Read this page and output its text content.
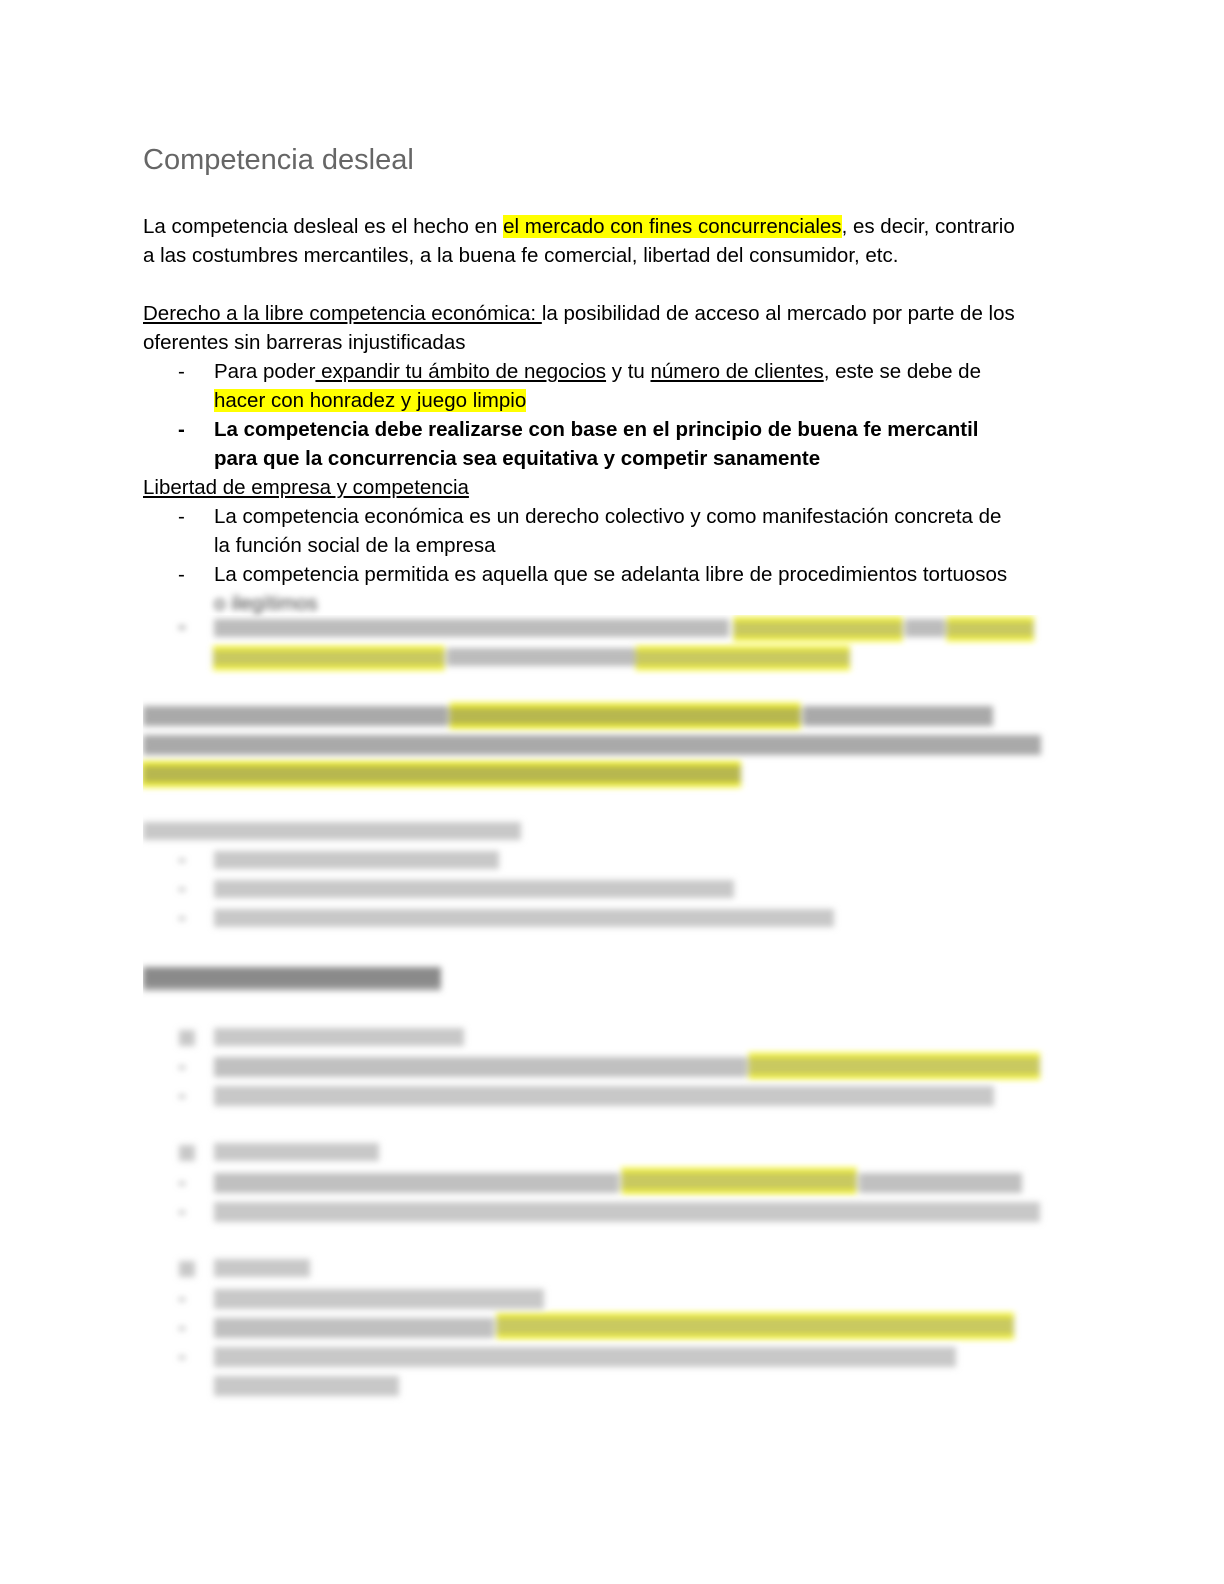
Competencia desleal
La competencia desleal es el hecho en el mercado con fines concurrenciales, es decir, contrario
a las costumbres mercantiles, a la buena fe comercial, libertad del consumidor, etc.
Derecho a la libre competencia económica: la posibilidad de acceso al mercado por parte de los
oferentes sin barreras injustificadas
- Para poder expandir tu ámbito de negocios y tu número de clientes, este se debe de
hacer con honradez y juego limpio
- La competencia debe realizarse con base en el principio de buena fe mercantil
para que la concurrencia sea equitativa y competir sanamente
Libertad de empresa y competencia
- La competencia económica es un derecho colectivo y como manifestación concreta de
la función social de la empresa
- La competencia permitida es aquella que se adelanta libre de procedimientos tortuosos
o ilegítimos
